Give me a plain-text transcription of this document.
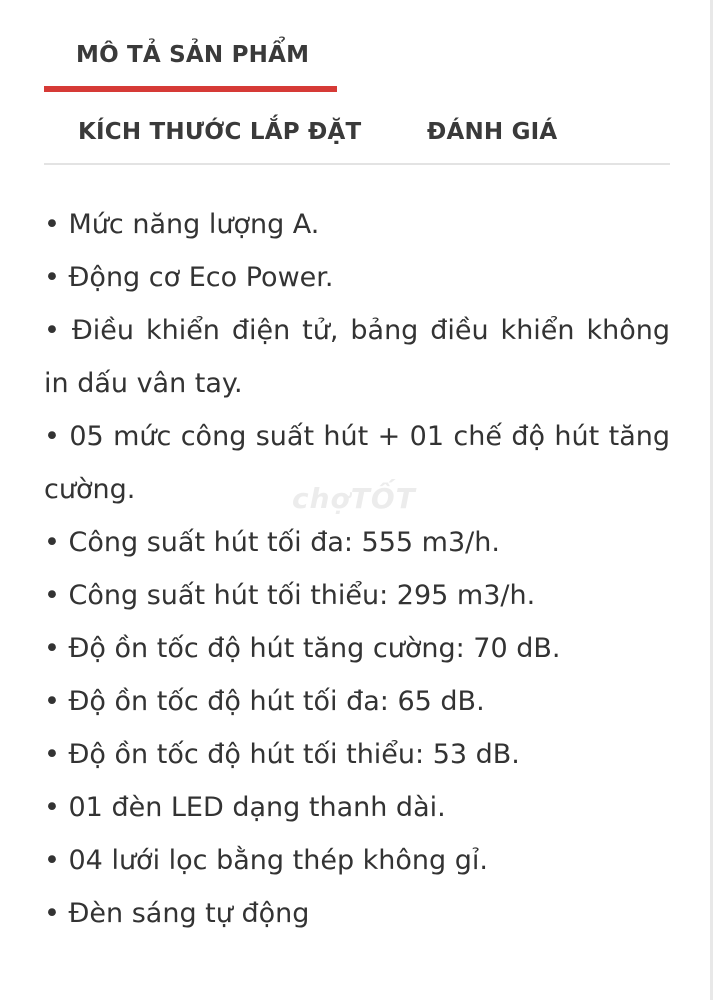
MÔ TẢ SẢN PHẨM
KÍCH THƯỚC LẮP ĐẶT	ĐÁNH GIÁ

• Mức năng lượng A.

• Động cơ Eco Power.

• Điều khiển điện tử, bảng điều khiển không in dấu vân tay.

• 05 mức công suất hút + 01 chế độ hút tăng cường.

• Công suất hút tối đa: 555 m3/h.

• Công suất hút tối thiểu: 295 m3/h.

• Độ ồn tốc độ hút tăng cường: 70 dB.

• Độ ồn tốc độ hút tối đa: 65 dB.

• Độ ồn tốc độ hút tối thiểu: 53 dB.

• 01 đèn LED dạng thanh dài.

• 04 lưới lọc bằng thép không gỉ.

• Đèn sáng tự động

chợTỐT
